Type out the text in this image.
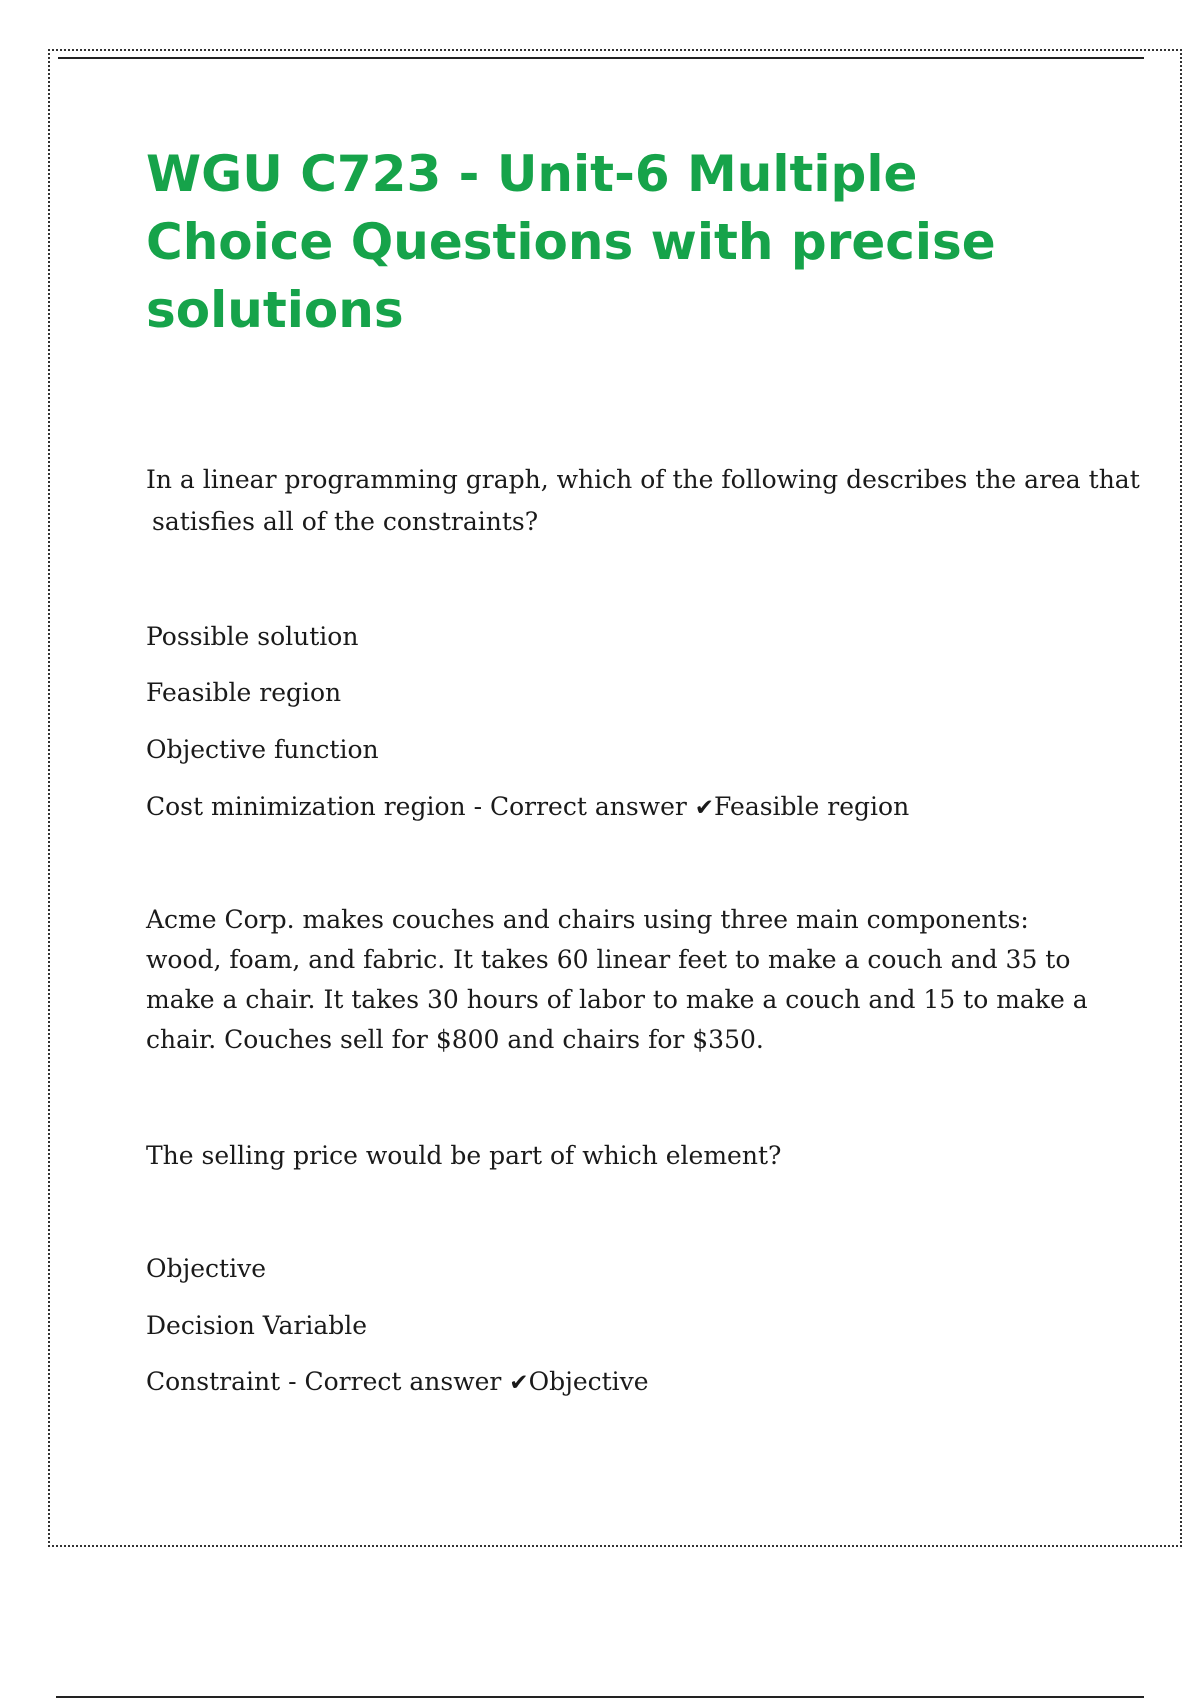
WGU C723 - Unit-6 Multiple Choice Questions with precise solutions

In a linear programming graph, which of the following describes the area that

satisfies all of the constraints?

Possible solution

Feasible region

Objective function

Cost minimization region - Correct answer ✔Feasible region

Acme Corp. makes couches and chairs using three main components: wood, foam, and fabric. It takes 60 linear feet to make a couch and 35 to make a chair. It takes 30 hours of labor to make a couch and 15 to make a chair. Couches sell for $800 and chairs for $350.

The selling price would be part of which element?

Objective

Decision Variable

Constraint - Correct answer ✔Objective
